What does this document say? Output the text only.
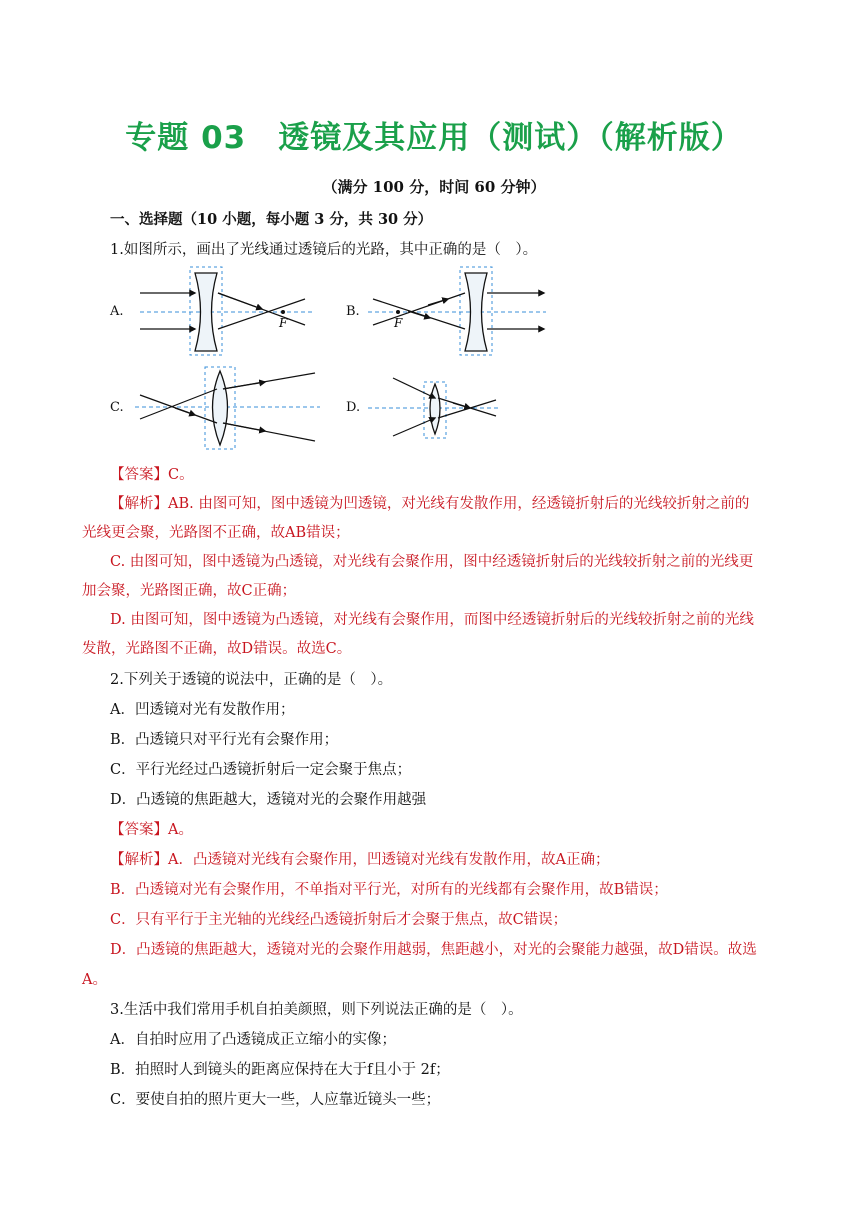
专题 03　透镜及其应用（测试）（解析版）
（满分 100 分，时间 60 分钟）
一、选择题（10 小题，每小题 3 分，共 30 分）
1.如图所示，画出了光线通过透镜后的光路，其中正确的是（　）。
A.
F
B.
F
C.	D.
【答案】C。
【解析】AB. 由图可知，图中透镜为凹透镜，对光线有发散作用，经透镜折射后的光线较折射之前的
光线更会聚，光路图不正确，故AB错误；
C. 由图可知，图中透镜为凸透镜，对光线有会聚作用，图中经透镜折射后的光线较折射之前的光线更
加会聚，光路图正确，故C正确；
D. 由图可知，图中透镜为凸透镜，对光线有会聚作用，而图中经透镜折射后的光线较折射之前的光线
发散，光路图不正确，故D错误。故选C。
2.下列关于透镜的说法中，正确的是（　）。
A．凹透镜对光有发散作用；
B．凸透镜只对平行光有会聚作用；
C．平行光经过凸透镜折射后一定会聚于焦点；
D．凸透镜的焦距越大，透镜对光的会聚作用越强
【答案】A。
【解析】A．凸透镜对光线有会聚作用，凹透镜对光线有发散作用，故A正确；
B．凸透镜对光有会聚作用，不单指对平行光，对所有的光线都有会聚作用，故B错误；
C．只有平行于主光轴的光线经凸透镜折射后才会聚于焦点，故C错误；
D．凸透镜的焦距越大，透镜对光的会聚作用越弱，焦距越小，对光的会聚能力越强，故D错误。故选
A。
3.生活中我们常用手机自拍美颜照，则下列说法正确的是（　）。
A．自拍时应用了凸透镜成正立缩小的实像；
B．拍照时人到镜头的距离应保持在大于f且小于 2f；
C．要使自拍的照片更大一些，人应靠近镜头一些；
